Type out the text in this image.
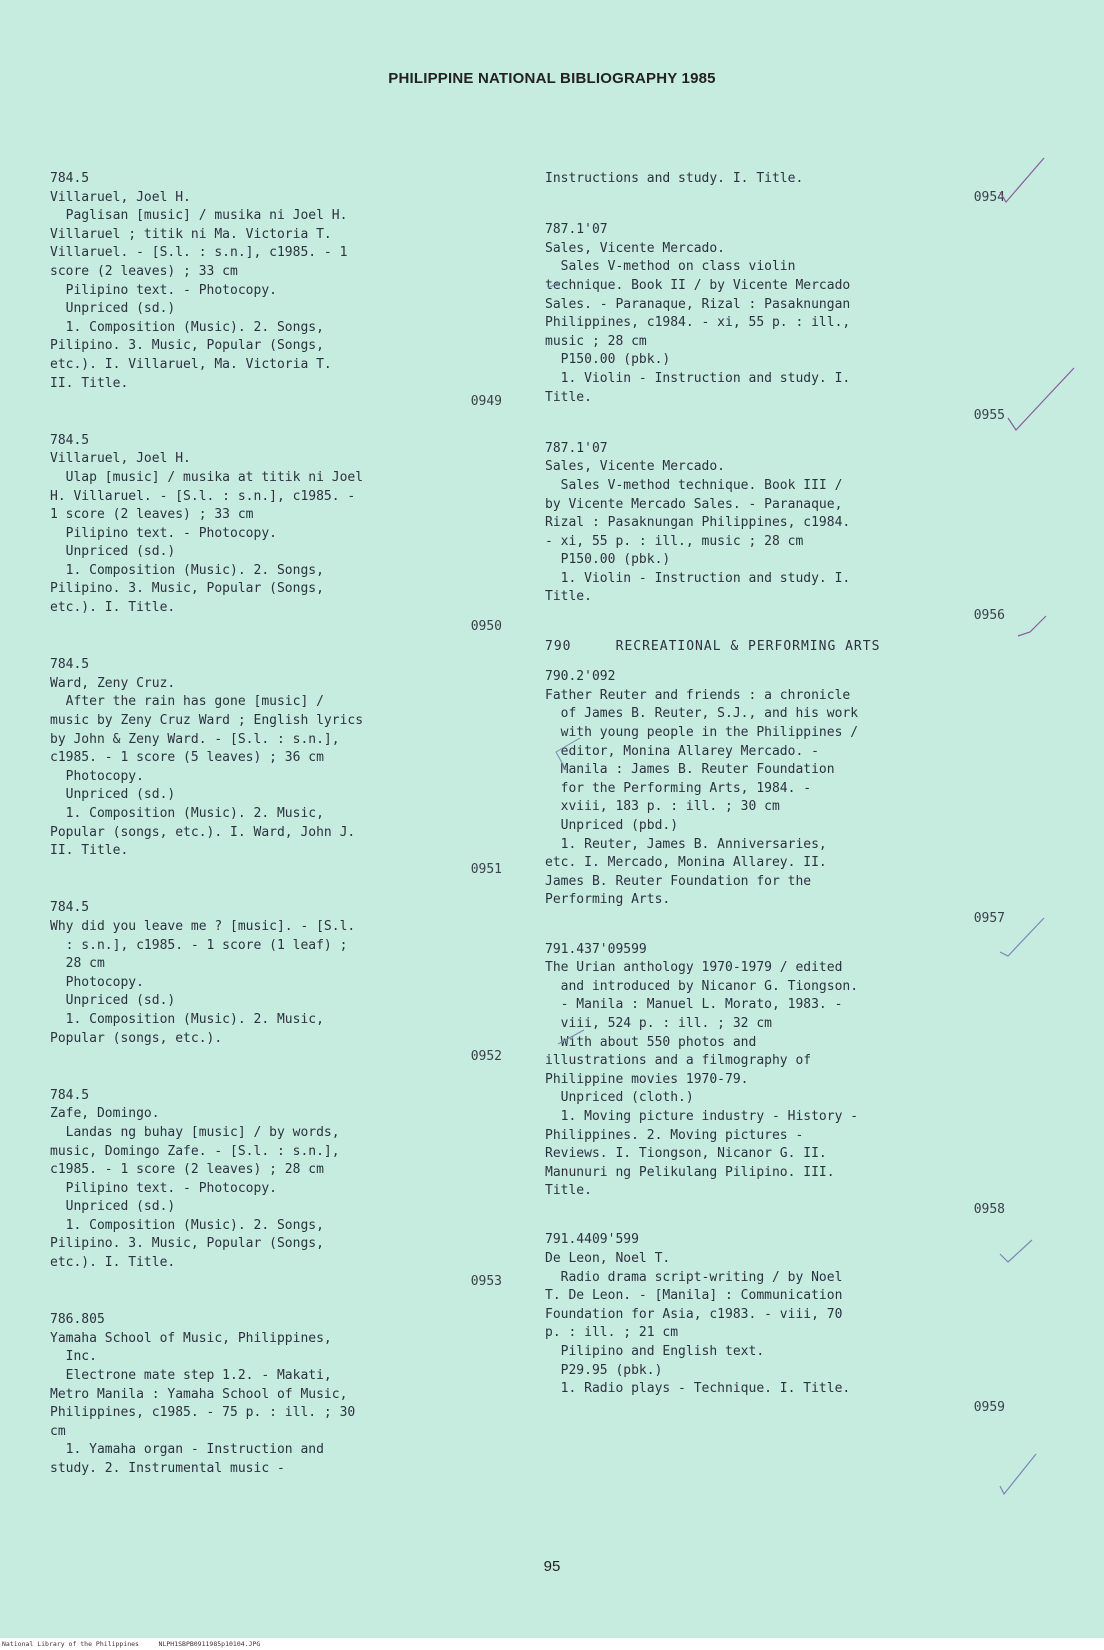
PHILIPPINE NATIONAL BIBLIOGRAPHY 1985
784.5
Villaruel, Joel H.
Paglisan [music] / musika ni Joel H.
Villaruel ; titik ni Ma. Victoria T.
Villaruel. - [S.l. : s.n.], c1985. - 1
score (2 leaves) ; 33 cm
Pilipino text. - Photocopy.
Unpriced (sd.)
1. Composition (Music). 2. Songs,
Pilipino. 3. Music, Popular (Songs,
etc.). I. Villaruel, Ma. Victoria T.
II. Title.
0949
784.5
Villaruel, Joel H.
Ulap [music] / musika at titik ni Joel
H. Villaruel. - [S.l. : s.n.], c1985. -
1 score (2 leaves) ; 33 cm
Pilipino text. - Photocopy.
Unpriced (sd.)
1. Composition (Music). 2. Songs,
Pilipino. 3. Music, Popular (Songs,
etc.). I. Title.
0950
784.5
Ward, Zeny Cruz.
After the rain has gone [music] /
music by Zeny Cruz Ward ; English lyrics
by John & Zeny Ward. - [S.l. : s.n.],
c1985. - 1 score (5 leaves) ; 36 cm
Photocopy.
Unpriced (sd.)
1. Composition (Music). 2. Music,
Popular (songs, etc.). I. Ward, John J.
II. Title.
0951
784.5
Why did you leave me ? [music]. - [S.l.
: s.n.], c1985. - 1 score (1 leaf) ;
28 cm
Photocopy.
Unpriced (sd.)
1. Composition (Music). 2. Music,
Popular (songs, etc.).
0952
784.5
Zafe, Domingo.
Landas ng buhay [music] / by words,
music, Domingo Zafe. - [S.l. : s.n.],
c1985. - 1 score (2 leaves) ; 28 cm
Pilipino text. - Photocopy.
Unpriced (sd.)
1. Composition (Music). 2. Songs,
Pilipino. 3. Music, Popular (Songs,
etc.). I. Title.
0953
786.805
Yamaha School of Music, Philippines,
Inc.
Electrone mate step 1.2. - Makati,
Metro Manila : Yamaha School of Music,
Philippines, c1985. - 75 p. : ill. ; 30
cm
1. Yamaha organ - Instruction and
study. 2. Instrumental music -
Instructions and study. I. Title.
0954
787.1'07
Sales, Vicente Mercado.
Sales V-method on class violin
technique. Book II / by Vicente Mercado
Sales. - Paranaque, Rizal : Pasaknungan
Philippines, c1984. - xi, 55 p. : ill.,
music ; 28 cm
P150.00 (pbk.)
1. Violin - Instruction and study. I.
Title.
0955
787.1'07
Sales, Vicente Mercado.
Sales V-method technique. Book III /
by Vicente Mercado Sales. - Paranaque,
Rizal : Pasaknungan Philippines, c1984.
- xi, 55 p. : ill., music ; 28 cm
P150.00 (pbk.)
1. Violin - Instruction and study. I.
Title.
0956
790     RECREATIONAL & PERFORMING ARTS
790.2'092
Father Reuter and friends : a chronicle
of James B. Reuter, S.J., and his work
with young people in the Philippines /
editor, Monina Allarey Mercado. -
Manila : James B. Reuter Foundation
for the Performing Arts, 1984. -
xviii, 183 p. : ill. ; 30 cm
Unpriced (pbd.)
1. Reuter, James B. Anniversaries,
etc. I. Mercado, Monina Allarey. II.
James B. Reuter Foundation for the
Performing Arts.
0957
791.437'09599
The Urian anthology 1970-1979 / edited
and introduced by Nicanor G. Tiongson.
- Manila : Manuel L. Morato, 1983. -
viii, 524 p. : ill. ; 32 cm
With about 550 photos and
illustrations and a filmography of
Philippine movies 1970-79.
Unpriced (cloth.)
1. Moving picture industry - History -
Philippines. 2. Moving pictures -
Reviews. I. Tiongson, Nicanor G. II.
Manunuri ng Pelikulang Pilipino. III.
Title.
0958
791.4409'599
De Leon, Noel T.
Radio drama script-writing / by Noel
T. De Leon. - [Manila] : Communication
Foundation for Asia, c1983. - viii, 70
p. : ill. ; 21 cm
Pilipino and English text.
P29.95 (pbk.)
1. Radio plays - Technique. I. Title.
0959
95
National Library of the Philippines	NLPH1SBPB0911985p10104.JPG
